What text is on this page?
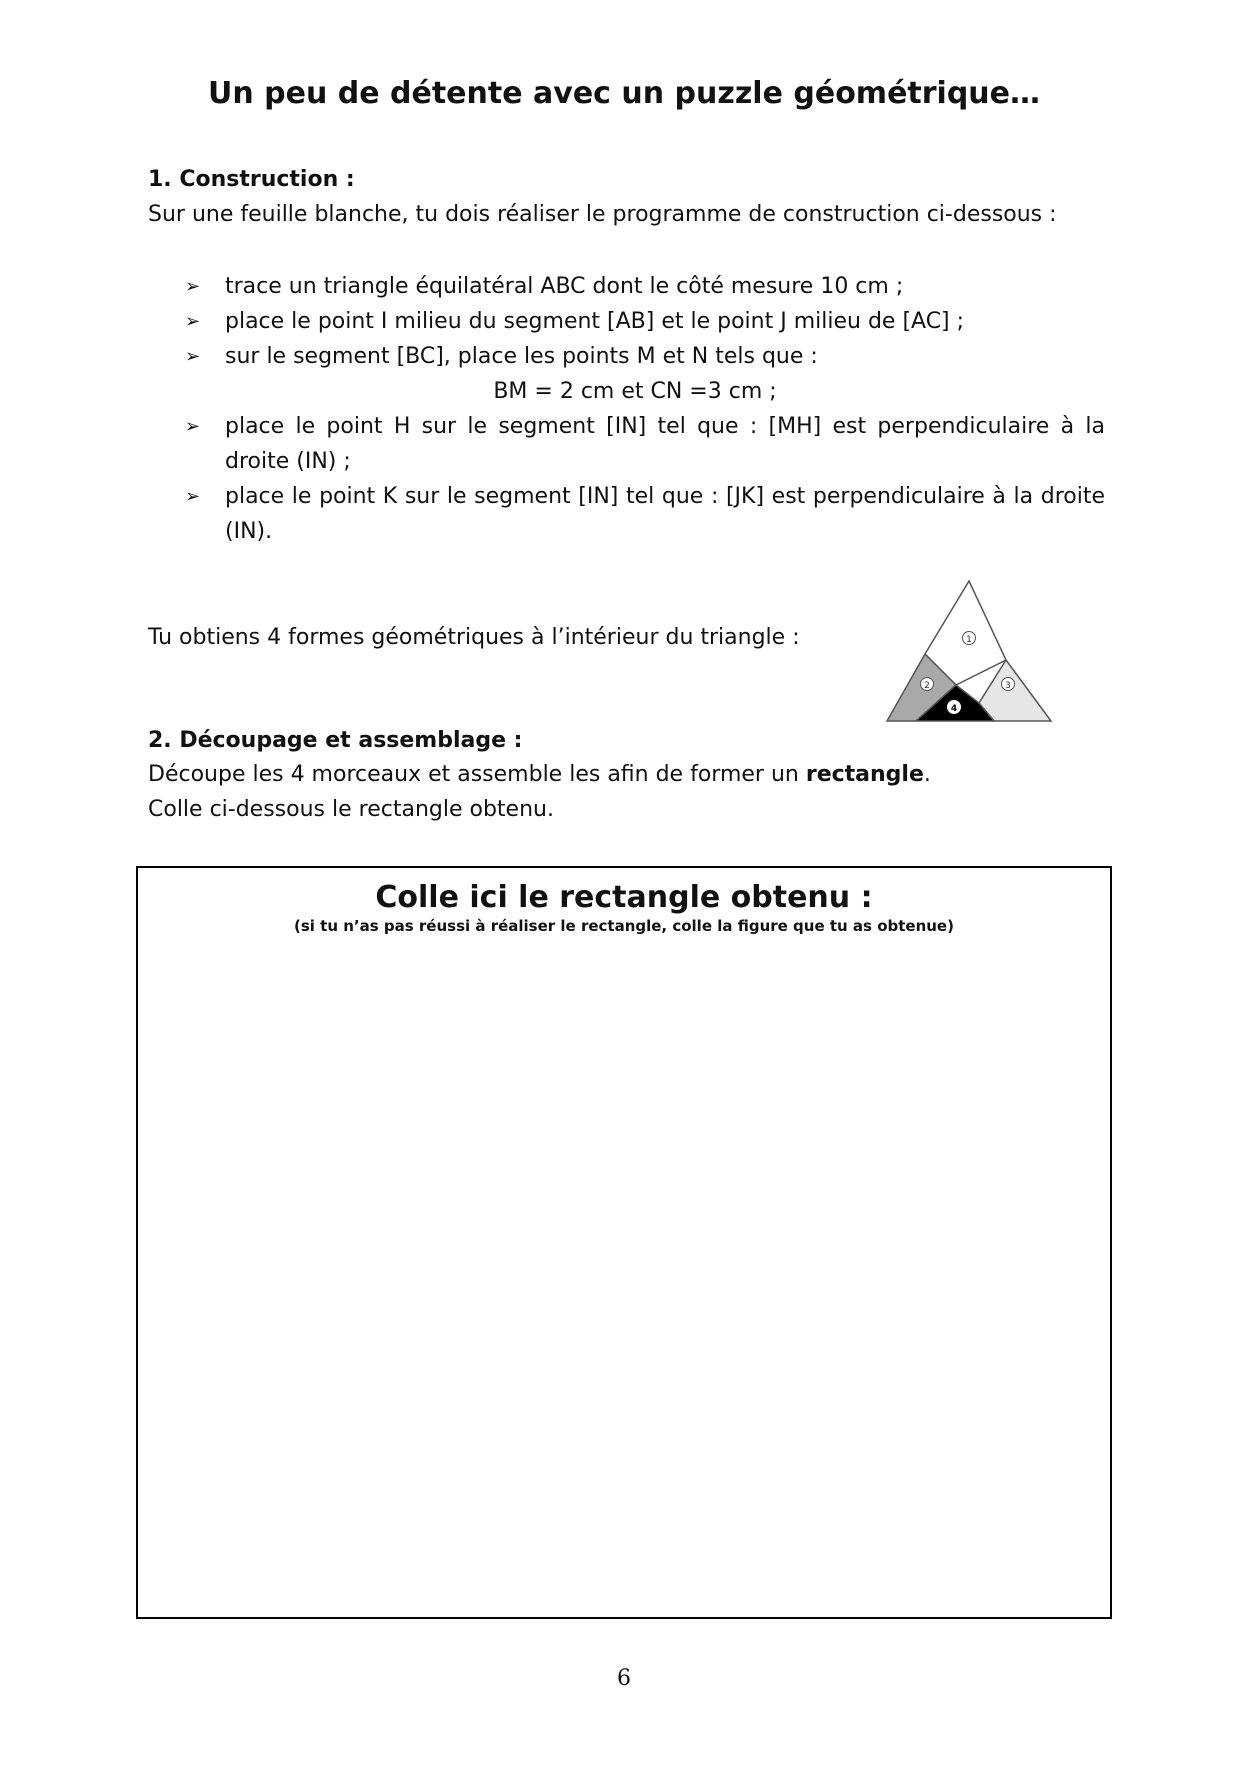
Un peu de détente avec un puzzle géométrique…
1. Construction :

Sur une feuille blanche, tu dois réaliser le programme de construction ci-dessous :

➢ trace un triangle équilatéral ABC dont le côté mesure 10 cm ;
➢ place le point I milieu du segment [AB] et le point J milieu de [AC] ;
➢ sur le segment [BC], place les points M et N tels que :
BM = 2 cm et CN =3 cm ;
➢ place le point H sur le segment [IN] tel que : [MH] est perpendiculaire à la droite (IN) ;
➢ place le point K sur le segment [IN] tel que : [JK] est perpendiculaire à la droite (IN).

Tu obtiens 4 formes géométriques à l’intérieur du triangle :	1
2	3
4
2. Découpage et assemblage :

Découpe les 4 morceaux et assemble les afin de former un rectangle.

Colle ci-dessous le rectangle obtenu.

Colle ici le rectangle obtenu :

(si tu n’as pas réussi à réaliser le rectangle, colle la figure que tu as obtenue)

6
